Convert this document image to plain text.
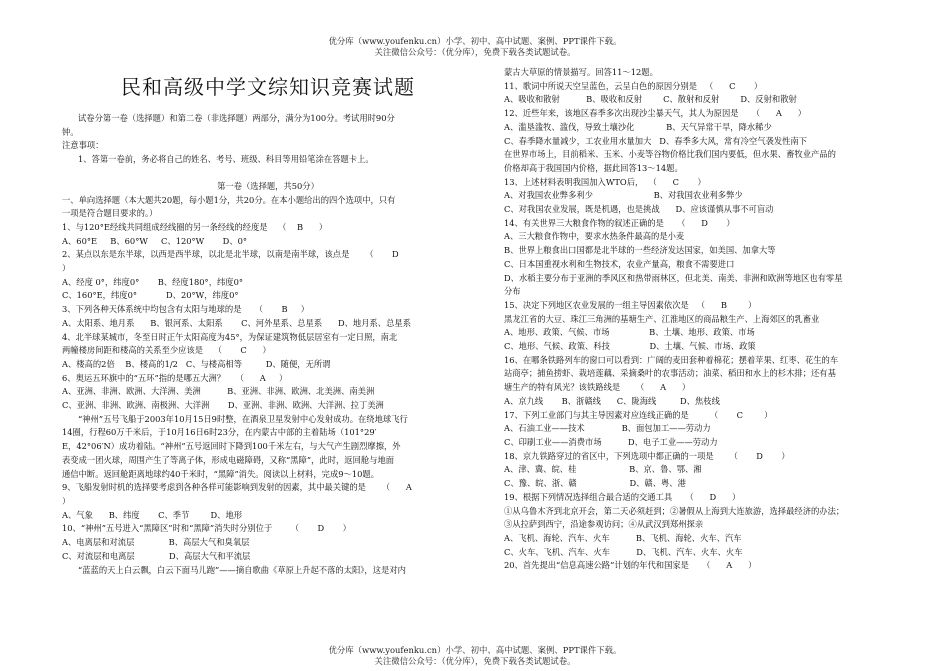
优分库（www.youfenku.cn）小学、初中、高中试题、案例、PPT课件下载。
关注微信公众号：（优分库），免费下载各类试题试卷。
民和高级中学文综知识竞赛试题
试卷分第一卷（选择题）和第二卷（非选择题）两部分，满分为100分。考试用时90分
钟。
注意事项：
1、答第一卷前，务必将自己的姓名、考号、班级、科目等用铅笔涂在答题卡上。
第一卷（选择题，共50分）
一、单向选择题（本大题共20题，每小题1分，共20分。在本小题给出的四个选项中，只有
一项是符合题目要求的。）
1、与120°E经线共同组成经线圈的另一条经线的经度是    （    B      ）
A、60°E     B、60°W     C、120°W       D、0°
2、某点以东是东半球，以西是西半球，以北是北半球，以南是南半球，该点是      （       D
）
A、经度 0°，纬度0°       B、经度180°，纬度0°
C、160°E，纬度0°           D、20°W，纬度0°
3、下列各种天体系统中均包含有太阳与地球的是     （       B     ）
A、太阳系、地月系      B、银河系、太阳系       C、河外星系、总星系      D、地月系、总星系
4、北半球某城市，冬至日时正午太阳高度为45°，为保证建筑物低层居室有一定日照，南北
两幢楼房间距和楼高的关系至少应该是    （       C      ）
A、楼高的2倍    B、楼高的1/2   C、与楼高相等         D、随便，无所谓
6、奥运五环旗中的“五环”指的是哪五大洲？    （      A     ）
A、亚洲、非洲、欧洲、大洋洲、美洲          B、亚洲、非洲、欧洲、北美洲、南美洲
C、亚洲、非洲、欧洲、南极洲、大洋洲       D、亚洲、非洲、欧洲、大洋洲、拉丁美洲
“神州”五号飞船于2003年10月15日9时整，在酒泉卫星发射中心发射成功。在绕地球飞行
14圈，行程60万千米后，于10月16日6时23分，在内蒙古中部的主着陆场（101°29′
E，42°06′N）成功着陆。“神州”五号返回时下降到100千米左右，与大气产生剧烈摩擦，外
表变成一团火球，周围产生了等离子体，形成电磁障碍，又称“黑障”，此时，返回舱与地面
通信中断。返回舱距离地球约40千米时，“黑障”消失。阅读以上材料，完成9～10题。
9、飞船发射时机的选择要考虑到各种各样可能影响到发射的因素，其中最关键的是      （      A
）
A、气象      B、纬度       C、季节        D、地形
10、“神州”五号进入“黑障区”时和“黑障”消失时分别位于       （       D       ）
A、电离层和对流层             B、高层大气和臭氧层
C、对流层和电离层             D、高层大气和平流层
“蓝蓝的天上白云飘，白云下面马儿跑”——摘自歌曲《草原上升起不落的太阳》，这是对内
蒙古大草原的情景描写。回答11～12题。
11、歌词中所说天空呈蓝色，云呈白色的原因分别是   （      C       ）
A、吸收和散射          B、吸收和反射        C、散射和反射        D、反射和散射
12、近些年来，该地区春季多次出现沙尘暴天气，其人为原因是     （      A      ）
A、滥垦滥牧、滥伐，导致土壤沙化            B、天气异常干旱，降水稀少
C、春季降水量减少，工农业用水量加大   D、春季多大风，常有冷空气袭发性南下
在世界市场上，目前稻米、玉米、小麦等谷物价格比我们国内要低，但水果、畜牧业产品的
价格却高于我国国内价格，据此回答13～14题。
13、上述材料表明我国加入WTO后，  （      C       ）
A、对我国农业弊多利少                       B、对我国农业利多弊少
C、对我国农业发展，既是机遇，也是挑战      D、应该谨慎从事不可盲动
14、有关世界三大粮食作物的叙述正确的是     （      D       ）
A、三大粮食作物中，要求水热条件最高的是小麦
B、世界上粮食出口国都是北半球的一些经济发达国家，如美国、加拿大等
C、日本国重视水利和生物技术，农业产量高，粮食不需要进口
D、水稻主要分布于亚洲的季风区和热带雨林区，但北美、南美、非洲和欧洲等地区也有零星
分布
15、决定下列地区农业发展的一组主导因素依次是   （      B        ）
黑龙江省的大豆、珠江三角洲的基塘生产、江淮地区的商品粮生产、上海郊区的乳畜业
A、地形、政策、气候、市场               B、土壤、地形、政策、市场
C、地形、气候、政策、科技               D、土壤、气候、市场、政策
16、在哪条铁路列车的窗口可以看到：广阔的麦田套种着棉花；摆着苹果、红枣、花生的车
站商亭；捕鱼捞虾、栽培莲藕、采摘桑叶的农事活动；油菜、稻田和水上的杉木排；还有基
塘生产的特有风光？该铁路线是      （      A      ）
A、京九线       B、浙赣线      C、陇海线         D、焦枝线
17、下列工业部门与其主导因素对应连线正确的是        （       C        ）
A、石油工业——技术              B、面包加工——劳动力
C、印刷工业——消费市场          D、电子工业——劳动力
18、京九铁路穿过的省区中，下列选项中都正确的一项是      （       D       ）
A、津、冀、皖、桂                    B、京、鲁、鄂、湘
C、豫、皖、浙、赣                    D、赣、粤、港
19、根据下列情况选择组合最合适的交通工具     （      D      ）
①从乌鲁木齐到北京开会，第二天必须赶到；②暑假从上海到大连旅游，选择最经济的办法；
③从拉萨到西宁，沿途参观访问；④从武汉到郑州探亲
A、飞机、海轮、汽车、火车          B、飞机、海轮、火车、汽车
C、火车、飞机、汽车、火车          D、飞机、汽车、火车、火车
20、首先提出“信息高速公路”计划的年代和国家是     （      A      ）
优分库（www.youfenku.cn）小学、初中、高中试题、案例、PPT课件下载。
关注微信公众号：（优分库），免费下载各类试题试卷。
